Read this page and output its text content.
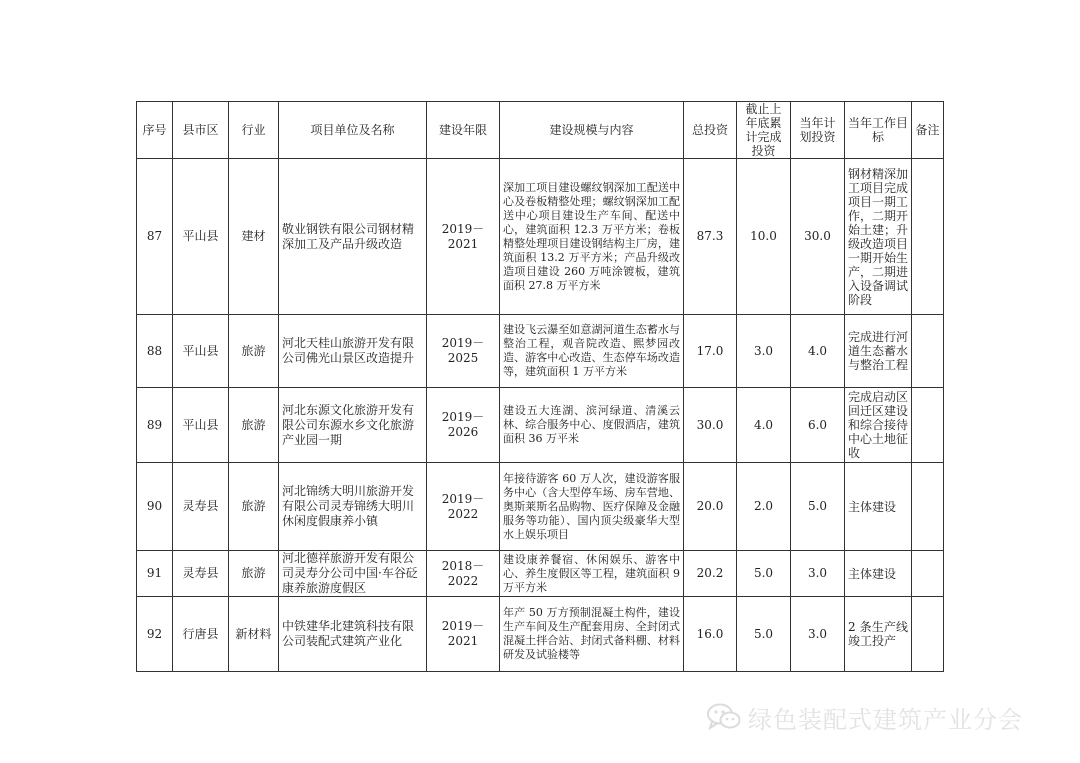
序号	县市区	行业	项目单位及名称	建设年限	建设规模与内容	总投资	截止上年底累计完成投资	当年计划投资	当年工作目标	备注
87	平山县	建材	敬业钢铁有限公司钢材精深加工及产品升级改造	2019－2021	深加工项目建设螺纹钢深加工配送中心及卷板精整处理；螺纹钢深加工配送中心项目建设生产车间、配送中心，建筑面积 12.3 万平方米；卷板精整处理项目建设钢结构主厂房，建筑面积 13.2 万平方米；产品升级改造项目建设 260 万吨涂镀板，建筑面积 27.8 万平方米	87.3	10.0	30.0	钢材精深加工项目完成项目一期工作，二期开始土建；升级改造项目一期开始生产，二期进入设备调试阶段	
88	平山县	旅游	河北天桂山旅游开发有限公司佛光山景区改造提升	2019－2025	建设飞云瀑至如意湖河道生态蓄水与整治工程，观音院改造、熙梦园改造、游客中心改造、生态停车场改造等，建筑面积 1 万平方米	17.0	3.0	4.0	完成进行河道生态蓄水与整治工程	
89	平山县	旅游	河北东源文化旅游开发有限公司东源水乡文化旅游产业园一期	2019－2026	建设五大连湖、滨河绿道、清溪云林、综合服务中心、度假酒店，建筑面积 36 万平米	30.0	4.0	6.0	完成启动区回迁区建设和综合接待中心土地征收	
90	灵寿县	旅游	河北锦绣大明川旅游开发有限公司灵寿锦绣大明川休闲度假康养小镇	2019－2022	年接待游客 60 万人次，建设游客服务中心（含大型停车场、房车营地、奥斯莱斯名品购物、医疗保障及金融服务等功能）、国内顶尖级豪华大型水上娱乐项目	20.0	2.0	5.0	主体建设	
91	灵寿县	旅游	河北德祥旅游开发有限公司灵寿分公司中国·车谷砭康养旅游度假区	2018－2022	建设康养餐宿、休闲娱乐、游客中心、养生度假区等工程，建筑面积 9 万平方米	20.2	5.0	3.0	主体建设	
92	行唐县	新材料	中铁建华北建筑科技有限公司装配式建筑产业化	2019－2021	年产 50 万方预制混凝土构件，建设生产车间及生产配套用房、全封闭式混凝土拌合站、封闭式备料棚、材料研发及试验楼等	16.0	5.0	3.0	2 条生产线竣工投产	
绿色装配式建筑产业分会
